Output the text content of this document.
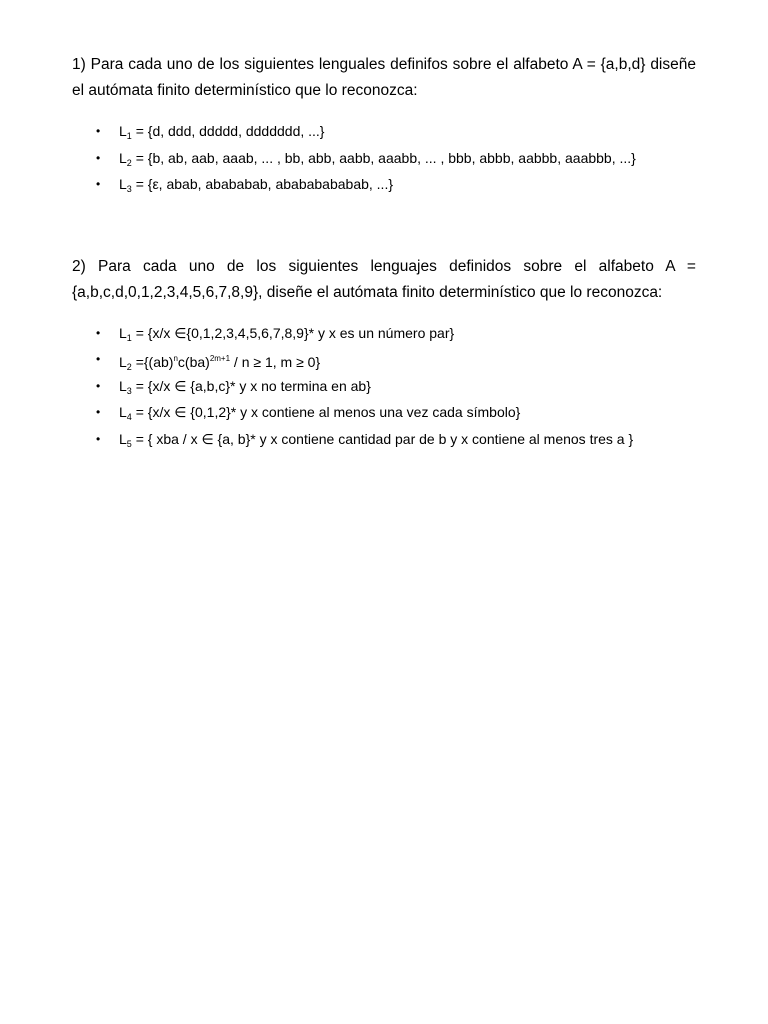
1) Para cada uno de los siguientes lenguales definifos sobre el alfabeto A = {a,b,d} diseñe el autómata finito determinístico que lo reconozca:

• $L_1 = \{d$, ddd, ddddd, ddddddd, ...}
• $L_2 = \{b$, ab, aab, aaab, ... , bb, abb, aabb, aaabb, ... , bbb, abbb, aabbb, aaabbb, ...}
• $L_3 = \{\varepsilon$, abab, abababab, abababababab, ...}

2) Para cada uno de los siguientes lenguajes definidos sobre el alfabeto A = {a,b,c,d,0,1,2,3,4,5,6,7,8,9}, diseñe el autómata finito determinístico que lo reconozca:

• $L_1 = \{x/x$ ∈{0,1,2,3,4,5,6,7,8,9}* y x es un número par}
• $L_2 =\{(ab)^nc(ba)^{2m+1} / n \ge 1$, m ≥ 0}
• $L_3 = \{x/x$ ∈ {a,b,c}* y x no termina en ab}
• $L_4 = \{x/x$ ∈ {0,1,2}* y x contiene al menos una vez cada símbolo}
• $L_5$ = { xba / x ∈ {a, b}* y x contiene cantidad par de b y x contiene al menos tres a }
